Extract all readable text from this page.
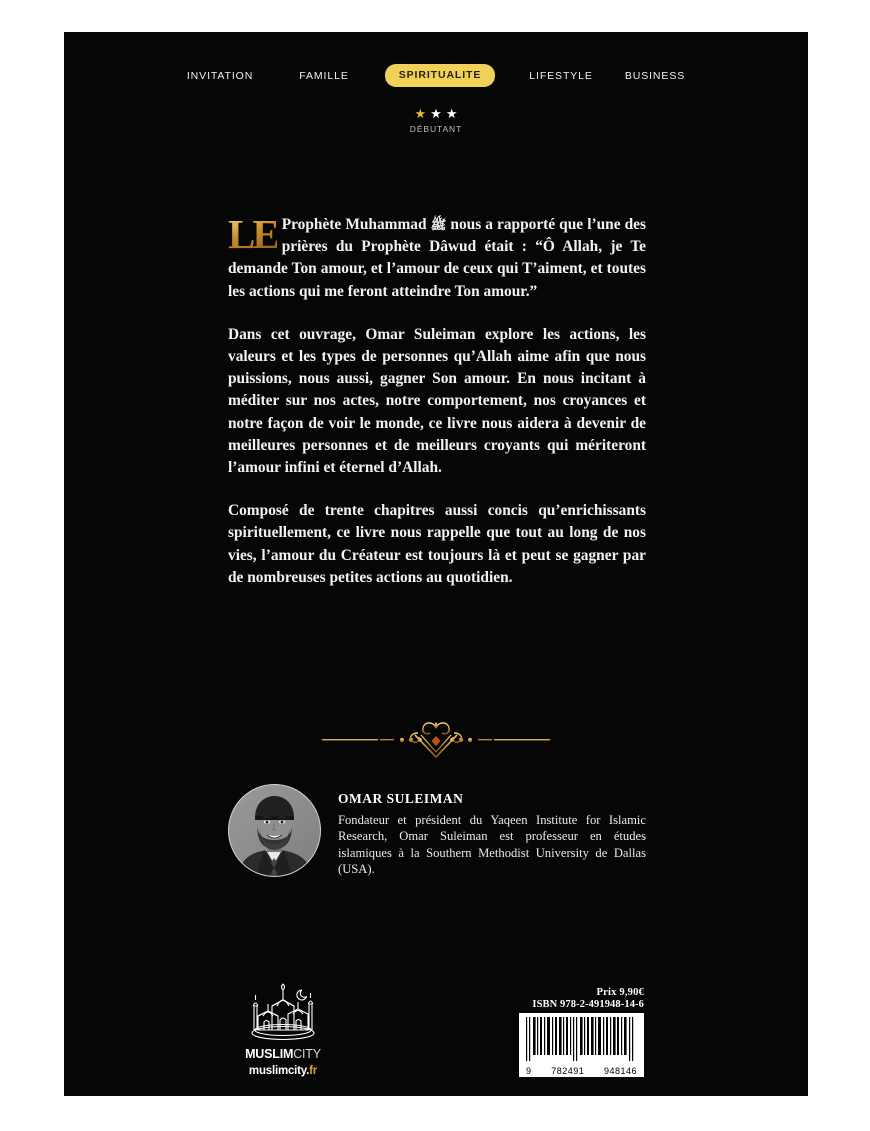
INVITATION	FAMILLE	SPIRITUALITE	LIFESTYLE	BUSINESS
★ ★ ★
DÉBUTANT

LE Prophète Muhammad ﷺ nous a rapporté que l’une des prières du Prophète Dâwud était : “Ô Allah, je Te demande Ton amour, et l’amour de ceux qui T’aiment, et toutes les actions qui me feront atteindre Ton amour.”

Dans cet ouvrage, Omar Suleiman explore les actions, les valeurs et les types de personnes qu’Allah aime afin que nous puissions, nous aussi, gagner Son amour. En nous incitant à méditer sur nos actes, notre comportement, nos croyances et notre façon de voir le monde, ce livre nous aidera à devenir de meilleures personnes et de meilleurs croyants qui mériteront l’amour infini et éternel d’Allah.

Composé de trente chapitres aussi concis qu’enrichissants spirituellement, ce livre nous rappelle que tout au long de nos vies, l’amour du Créateur est toujours là et peut se gagner par de nombreuses petites actions au quotidien.

OMAR SULEIMAN
Fondateur et président du Yaqeen Institute for Islamic Research, Omar Suleiman est professeur en études islamiques à la Southern Methodist University de Dallas (USA).
MUSLIMCITY
muslimcity.fr
Prix 9,90€
ISBN 978-2-491948-14-6
9 782491 948146
